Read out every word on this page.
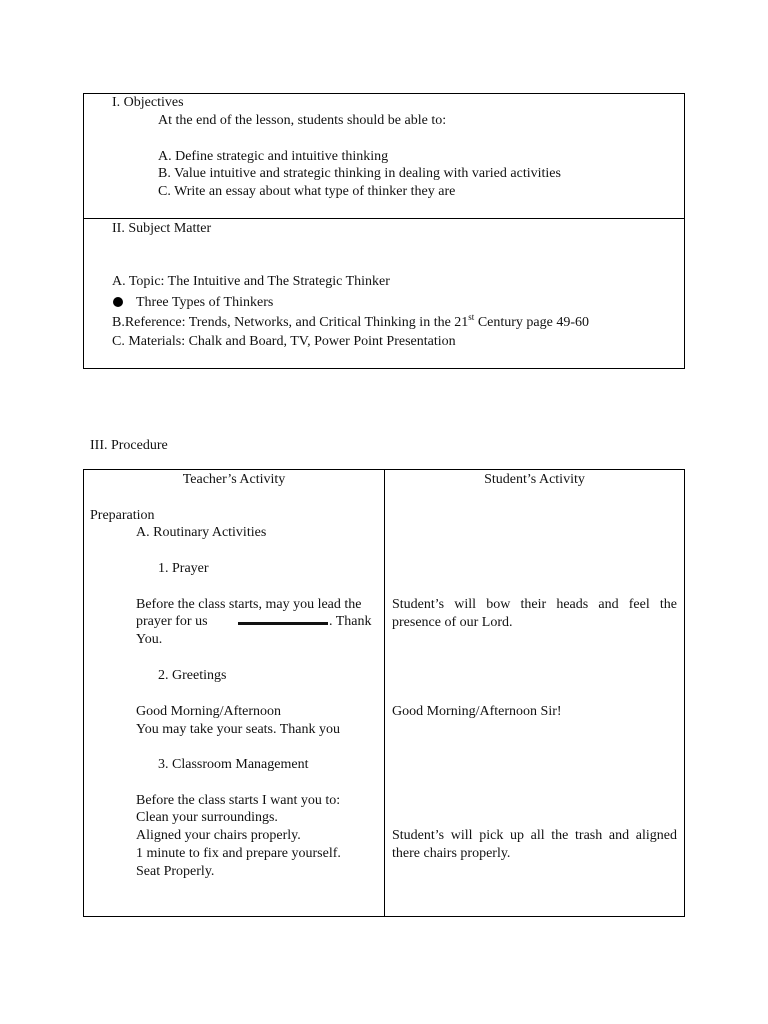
I. Objectives
At the end of the lesson, students should be able to:
A. Define strategic and intuitive thinking
B. Value intuitive and strategic thinking in dealing with varied activities
C. Write an essay about what type of thinker they are
II. Subject Matter
A. Topic: The Intuitive and The Strategic Thinker
Three Types of Thinkers
B.Reference: Trends, Networks, and Critical Thinking in the 21st Century page 49-60
C. Materials: Chalk and Board, TV, Power Point Presentation
III. Procedure
Teacher’s Activity	Student’s Activity
Preparation
A. Routinary Activities
1. Prayer
Before the class starts, may you lead the
prayer for us	. Thank
You.
Student’s will bow their heads and feel the presence of our Lord.
2. Greetings
Good Morning/Afternoon
You may take your seats. Thank you
Good Morning/Afternoon Sir!
3. Classroom Management
Before the class starts I want you to:
Clean your surroundings.
Aligned your chairs properly.
1 minute to fix and prepare yourself.
Seat Properly.
Student’s will pick up all the trash and aligned there chairs properly.
